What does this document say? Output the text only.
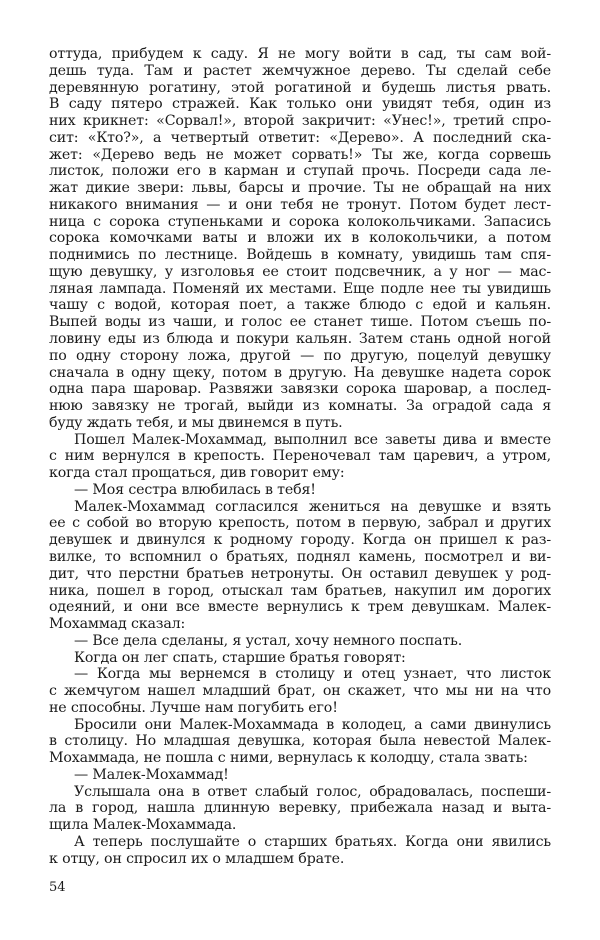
оттуда, прибудем к саду. Я не могу войти в сад, ты сам вой-
дешь туда. Там и растет жемчужное дерево. Ты сделай себе
деревянную рогатину, этой рогатиной и будешь листья рвать.
В саду пятеро стражей. Как только они увидят тебя, один из
них крикнет: «Сорвал!», второй закричит: «Унес!», третий спро-
сит: «Кто?», а четвертый ответит: «Дерево». А последний ска-
жет: «Дерево ведь не может сорвать!» Ты же, когда сорвешь
листок, положи его в карман и ступай прочь. Посреди сада ле-
жат дикие звери: львы, барсы и прочие. Ты не обращай на них
никакого внимания — и они тебя не тронут. Потом будет лест-
ница с сорока ступеньками и сорока колокольчиками. Запасись
сорока комочками ваты и вложи их в колокольчики, а потом
поднимись по лестнице. Войдешь в комнату, увидишь там спя-
щую девушку, у изголовья ее стоит подсвечник, а у ног — мас-
ляная лампада. Поменяй их местами. Еще подле нее ты увидишь
чашу с водой, которая поет, а также блюдо с едой и кальян.
Выпей воды из чаши, и голос ее станет тише. Потом съешь по-
ловину еды из блюда и покури кальян. Затем стань одной ногой
по одну сторону ложа, другой — по другую, поцелуй девушку
сначала в одну щеку, потом в другую. На девушке надета сорок
одна пара шаровар. Развяжи завязки сорока шаровар, а послед-
нюю завязку не трогай, выйди из комнаты. За оградой сада я
буду ждать тебя, и мы двинемся в путь.
Пошел Малек-Мохаммад, выполнил все заветы дива и вместе
с ним вернулся в крепость. Переночевал там царевич, а утром,
когда стал прощаться, див говорит ему:
— Моя сестра влюбилась в тебя!
Малек-Мохаммад согласился жениться на девушке и взять
ее с собой во вторую крепость, потом в первую, забрал и других
девушек и двинулся к родному городу. Когда он пришел к раз-
вилке, то вспомнил о братьях, поднял камень, посмотрел и ви-
дит, что перстни братьев нетронуты. Он оставил девушек у род-
ника, пошел в город, отыскал там братьев, накупил им дорогих
одеяний, и они все вместе вернулись к трем девушкам. Малек-
Мохаммад сказал:
— Все дела сделаны, я устал, хочу немного поспать.
Когда он лег спать, старшие братья говорят:
— Когда мы вернемся в столицу и отец узнает, что листок
с жемчугом нашел младший брат, он скажет, что мы ни на что
не способны. Лучше нам погубить его!
Бросили они Малек-Мохаммада в колодец, а сами двинулись
в столицу. Но младшая девушка, которая была невестой Малек-
Мохаммада, не пошла с ними, вернулась к колодцу, стала звать:
— Малек-Мохаммад!
Услышала она в ответ слабый голос, обрадовалась, поспеши-
ла в город, нашла длинную веревку, прибежала назад и выта-
щила Малек-Мохаммада.
А теперь послушайте о старших братьях. Когда они явились
к отцу, он спросил их о младшем брате.
54
